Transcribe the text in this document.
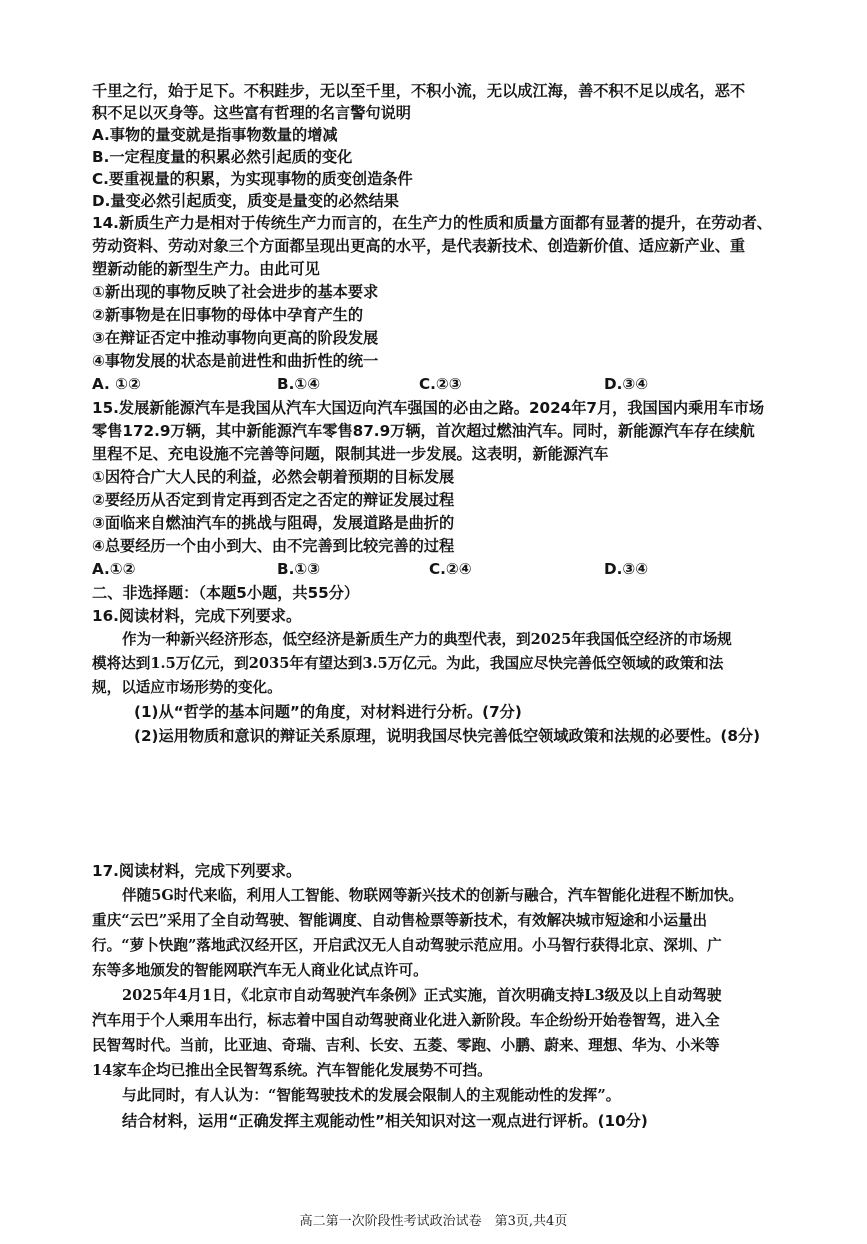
千里之行，始于足下。不积跬步，无以至千里，不积小流，无以成江海，善不积不足以成名，恶不
积不足以灭身等。这些富有哲理的名言警句说明
A.事物的量变就是指事物数量的增减
B.一定程度量的积累必然引起质的变化
C.要重视量的积累，为实现事物的质变创造条件
D.量变必然引起质变，质变是量变的必然结果
14.新质生产力是相对于传统生产力而言的，在生产力的性质和质量方面都有显著的提升，在劳动者、
劳动资料、劳动对象三个方面都呈现出更高的水平，是代表新技术、创造新价值、适应新产业、重
塑新动能的新型生产力。由此可见
①新出现的事物反映了社会进步的基本要求
②新事物是在旧事物的母体中孕育产生的
③在辩证否定中推动事物向更高的阶段发展
④事物发展的状态是前进性和曲折性的统一
A. ①②	B.①④	C.②③	D.③④
15.发展新能源汽车是我国从汽车大国迈向汽车强国的必由之路。2024年7月，我国国内乘用车市场
零售172.9万辆，其中新能源汽车零售87.9万辆，首次超过燃油汽车。同时，新能源汽车存在续航
里程不足、充电设施不完善等问题，限制其进一步发展。这表明，新能源汽车
①因符合广大人民的利益，必然会朝着预期的目标发展
②要经历从否定到肯定再到否定之否定的辩证发展过程
③面临来自燃油汽车的挑战与阻碍，发展道路是曲折的
④总要经历一个由小到大、由不完善到比较完善的过程
A.①②	B.①③	C.②④	D.③④
二、非选择题：（本题5小题，共55分）
16.阅读材料，完成下列要求。
作为一种新兴经济形态，低空经济是新质生产力的典型代表，到2025年我国低空经济的市场规
模将达到1.5万亿元，到2035年有望达到3.5万亿元。为此，我国应尽快完善低空领域的政策和法
规，以适应市场形势的变化。
(1)从“哲学的基本问题”的角度，对材料进行分析。(7分)
(2)运用物质和意识的辩证关系原理，说明我国尽快完善低空领域政策和法规的必要性。(8分)
17.阅读材料，完成下列要求。
伴随5G时代来临，利用人工智能、物联网等新兴技术的创新与融合，汽车智能化进程不断加快。
重庆“云巴”采用了全自动驾驶、智能调度、自动售检票等新技术，有效解决城市短途和小运量出
行。“萝卜快跑”落地武汉经开区，开启武汉无人自动驾驶示范应用。小马智行获得北京、深圳、广
东等多地颁发的智能网联汽车无人商业化试点许可。
2025年4月1日，《北京市自动驾驶汽车条例》正式实施，首次明确支持L3级及以上自动驾驶
汽车用于个人乘用车出行，标志着中国自动驾驶商业化进入新阶段。车企纷纷开始卷智驾，进入全
民智驾时代。当前，比亚迪、奇瑞、吉利、长安、五菱、零跑、小鹏、蔚来、理想、华为、小米等
14家车企均已推出全民智驾系统。汽车智能化发展势不可挡。
与此同时，有人认为：“智能驾驶技术的发展会限制人的主观能动性的发挥”。
结合材料，运用“正确发挥主观能动性”相关知识对这一观点进行评析。(10分)
高二第一次阶段性考试政治试卷　第3页,共4页
